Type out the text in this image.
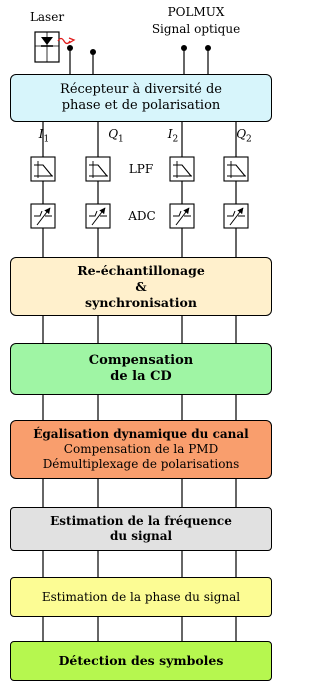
Laser	POLMUX
Signal optique
Récepteur à diversité de
phase et de polarisation
$I_1$	$Q_1$	$I_2$	$Q_2$
LPF
ADC
Re-échantillonage
&
synchronisation
Compensation
de la CD
Égalisation dynamique du canal
Compensation de la PMD
Démultiplexage de polarisations
Estimation de la fréquence
du signal
Estimation de la phase du signal
Détection des symboles
